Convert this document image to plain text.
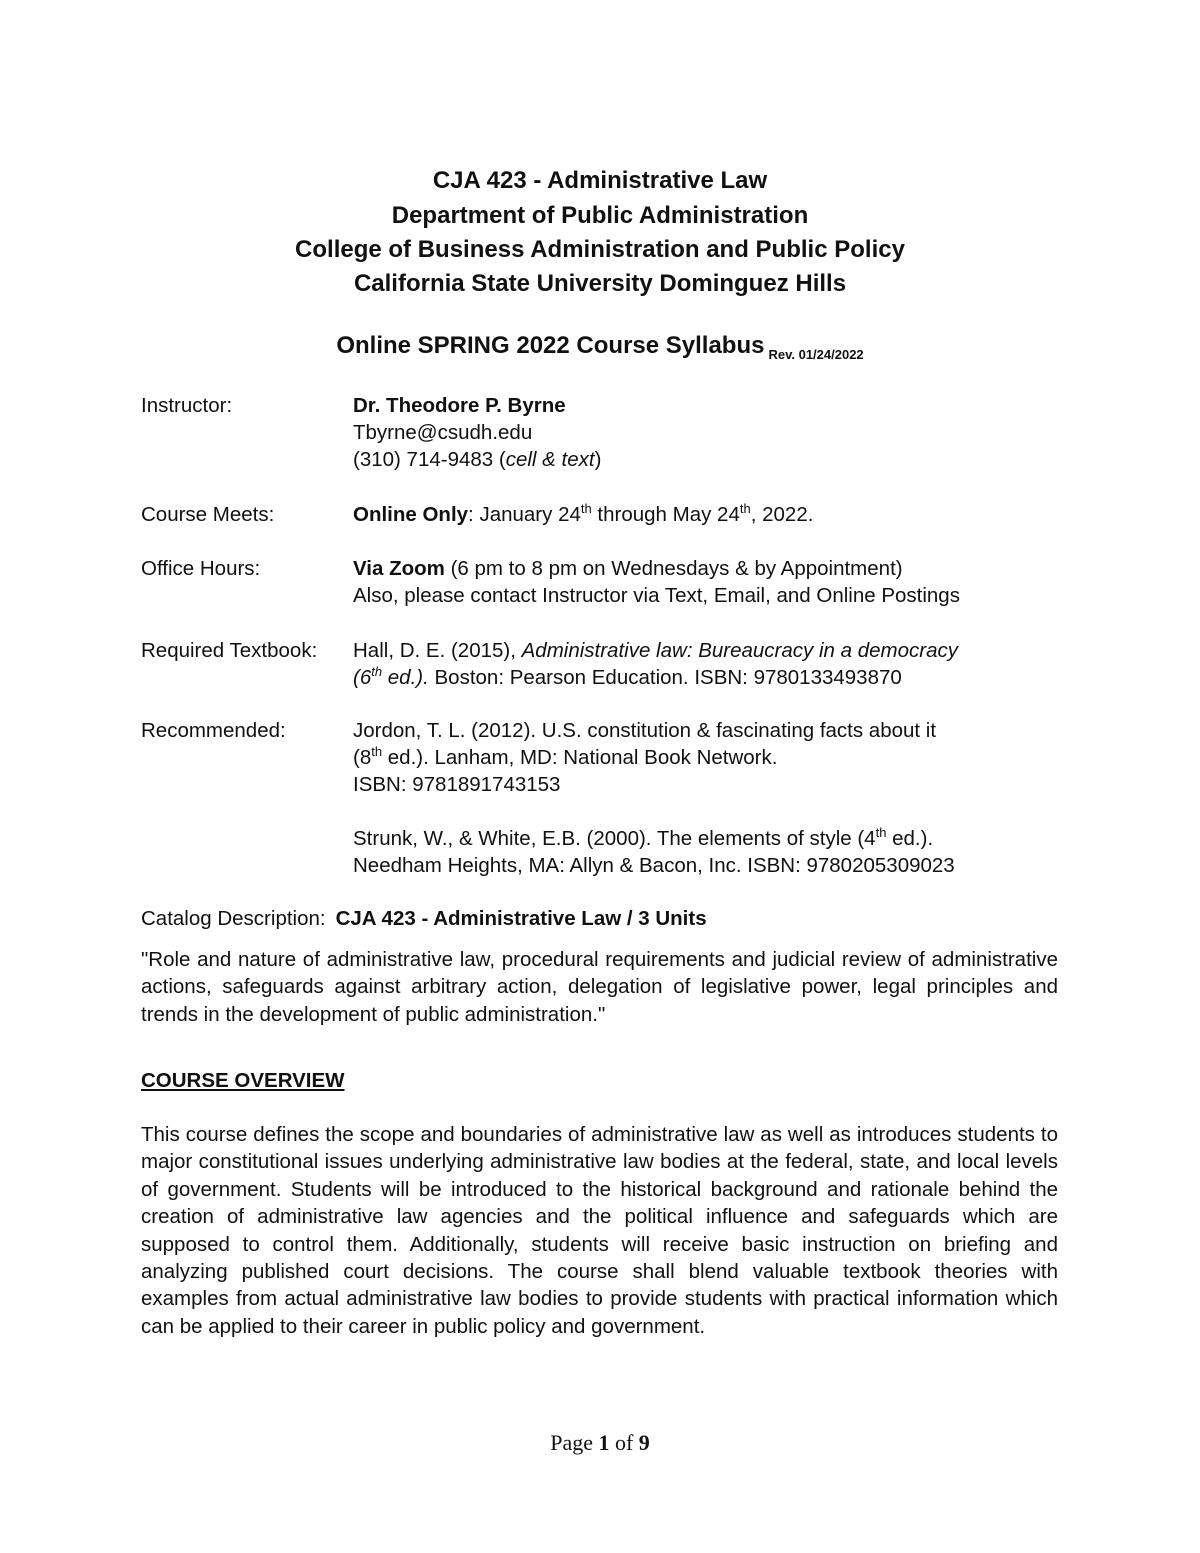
CJA 423 - Administrative Law
Department of Public Administration
College of Business Administration and Public Policy
California State University Dominguez Hills
Online SPRING 2022 Course Syllabus $_{Rev. 01/24/2022}$
Instructor:	Dr. Theodore P. Byrne
Tbyrne@csudh.edu
(310) 714-9483 (cell & text)
Course Meets:	Online Only: January 24th through May 24th, 2022.
Office Hours:	Via Zoom (6 pm to 8 pm on Wednesdays & by Appointment)
Also, please contact Instructor via Text, Email, and Online Postings
Required Textbook: Hall, D. E. (2015), Administrative law: Bureaucracy in a democracy
(6th ed.). Boston: Pearson Education. ISBN: 9780133493870
Recommended:	Jordon, T. L. (2012). U.S. constitution & fascinating facts about it
(8th ed.). Lanham, MD: National Book Network.
ISBN: 9781891743153
Strunk, W., & White, E.B. (2000). The elements of style (4th ed.).
Needham Heights, MA: Allyn & Bacon, Inc. ISBN: 9780205309023
Catalog Description: CJA 423 - Administrative Law / 3 Units
"Role and nature of administrative law, procedural requirements and judicial review of administrative actions, safeguards against arbitrary action, delegation of legislative power, legal principles and trends in the development of public administration."
COURSE OVERVIEW
This course defines the scope and boundaries of administrative law as well as introduces students to major constitutional issues underlying administrative law bodies at the federal, state, and local levels of government. Students will be introduced to the historical background and rationale behind the creation of administrative law agencies and the political influence and safeguards which are supposed to control them. Additionally, students will receive basic instruction on briefing and analyzing published court decisions. The course shall blend valuable textbook theories with examples from actual administrative law bodies to provide students with practical information which can be applied to their career in public policy and government.
Page 1 of 9
